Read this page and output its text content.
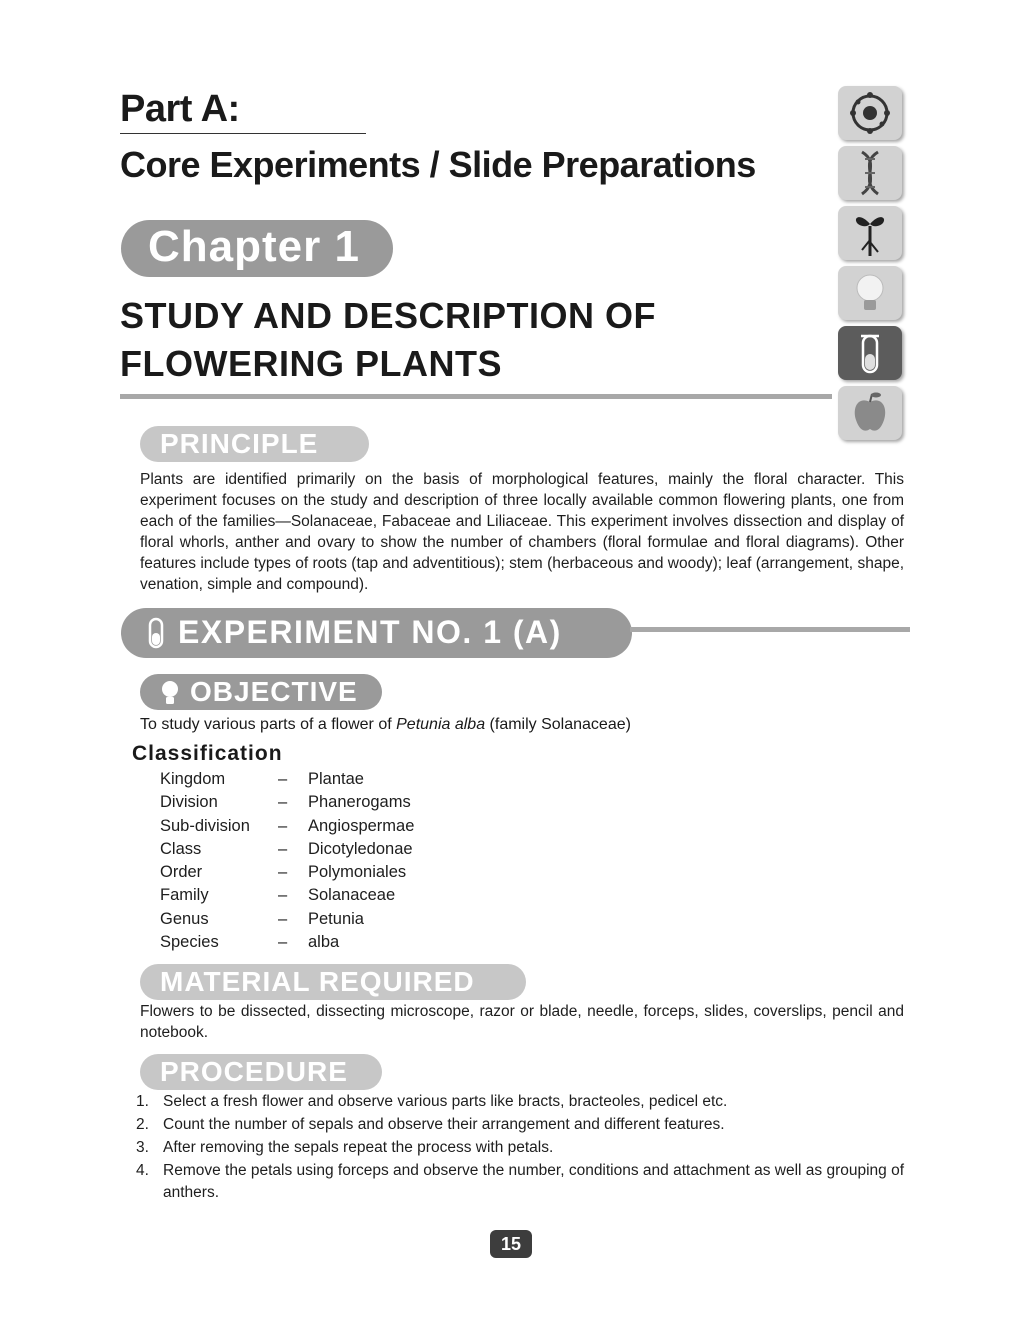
Part A:
Core Experiments / Slide Preparations
Chapter 1
STUDY AND DESCRIPTION OF
FLOWERING PLANTS
PRINCIPLE
Plants are identified primarily on the basis of morphological features, mainly the floral character. This experiment focuses on the study and description of three locally available common flowering plants, one from each of the families—Solanaceae, Fabaceae and Liliaceae. This experiment involves dissection and display of floral whorls, anther and ovary to show the number of chambers (floral formulae and floral diagrams). Other features include types of roots (tap and adventitious); stem (herbaceous and woody); leaf (arrangement, shape, venation, simple and compound).
EXPERIMENT NO. 1 (A)
OBJECTIVE
To study various parts of a flower of Petunia alba (family Solanaceae)
Classification
Kingdom	–	Plantae
Division	–	Phanerogams
Sub-division	–	Angiospermae
Class	–	Dicotyledonae
Order	–	Polymoniales
Family	–	Solanaceae
Genus	–	Petunia
Species	–	alba
MATERIAL REQUIRED
Flowers to be dissected, dissecting microscope, razor or blade, needle, forceps, slides, coverslips, pencil and notebook.
PROCEDURE
1. Select a fresh flower and observe various parts like bracts, bracteoles, pedicel etc.
2. Count the number of sepals and observe their arrangement and different features.
3. After removing the sepals repeat the process with petals.
4. Remove the petals using forceps and observe the number, conditions and attachment as well as grouping of anthers.
15
